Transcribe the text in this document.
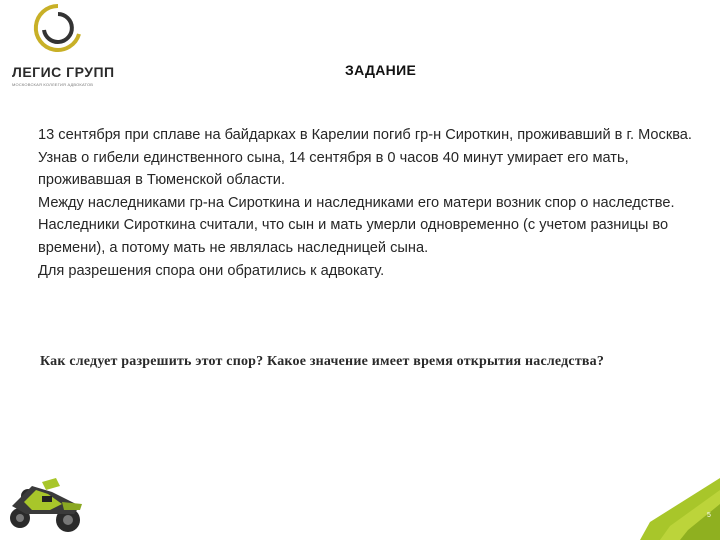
ЛЕГИС ГРУПП
МОСКОВСКАЯ КОЛЛЕГИЯ АДВОКАТОВ
ЗАДАНИЕ

13 сентября при сплаве на байдарках в Карелии погиб гр-н Сироткин, проживавший в г. Москва.

Узнав о гибели единственного сына, 14 сентября в 0 часов 40 минут умирает его мать, проживавшая в Тюменской области.

Между наследниками гр-на Сироткина и наследниками его матери возник спор о наследстве. Наследники Сироткина считали, что сын и мать умерли одновременно (с учетом разницы во времени), а потому мать не являлась наследницей сына.

Для разрешения спора они обратились к адвокату.

Как следует разрешить этот спор? Какое значение имеет время открытия наследства?
5
